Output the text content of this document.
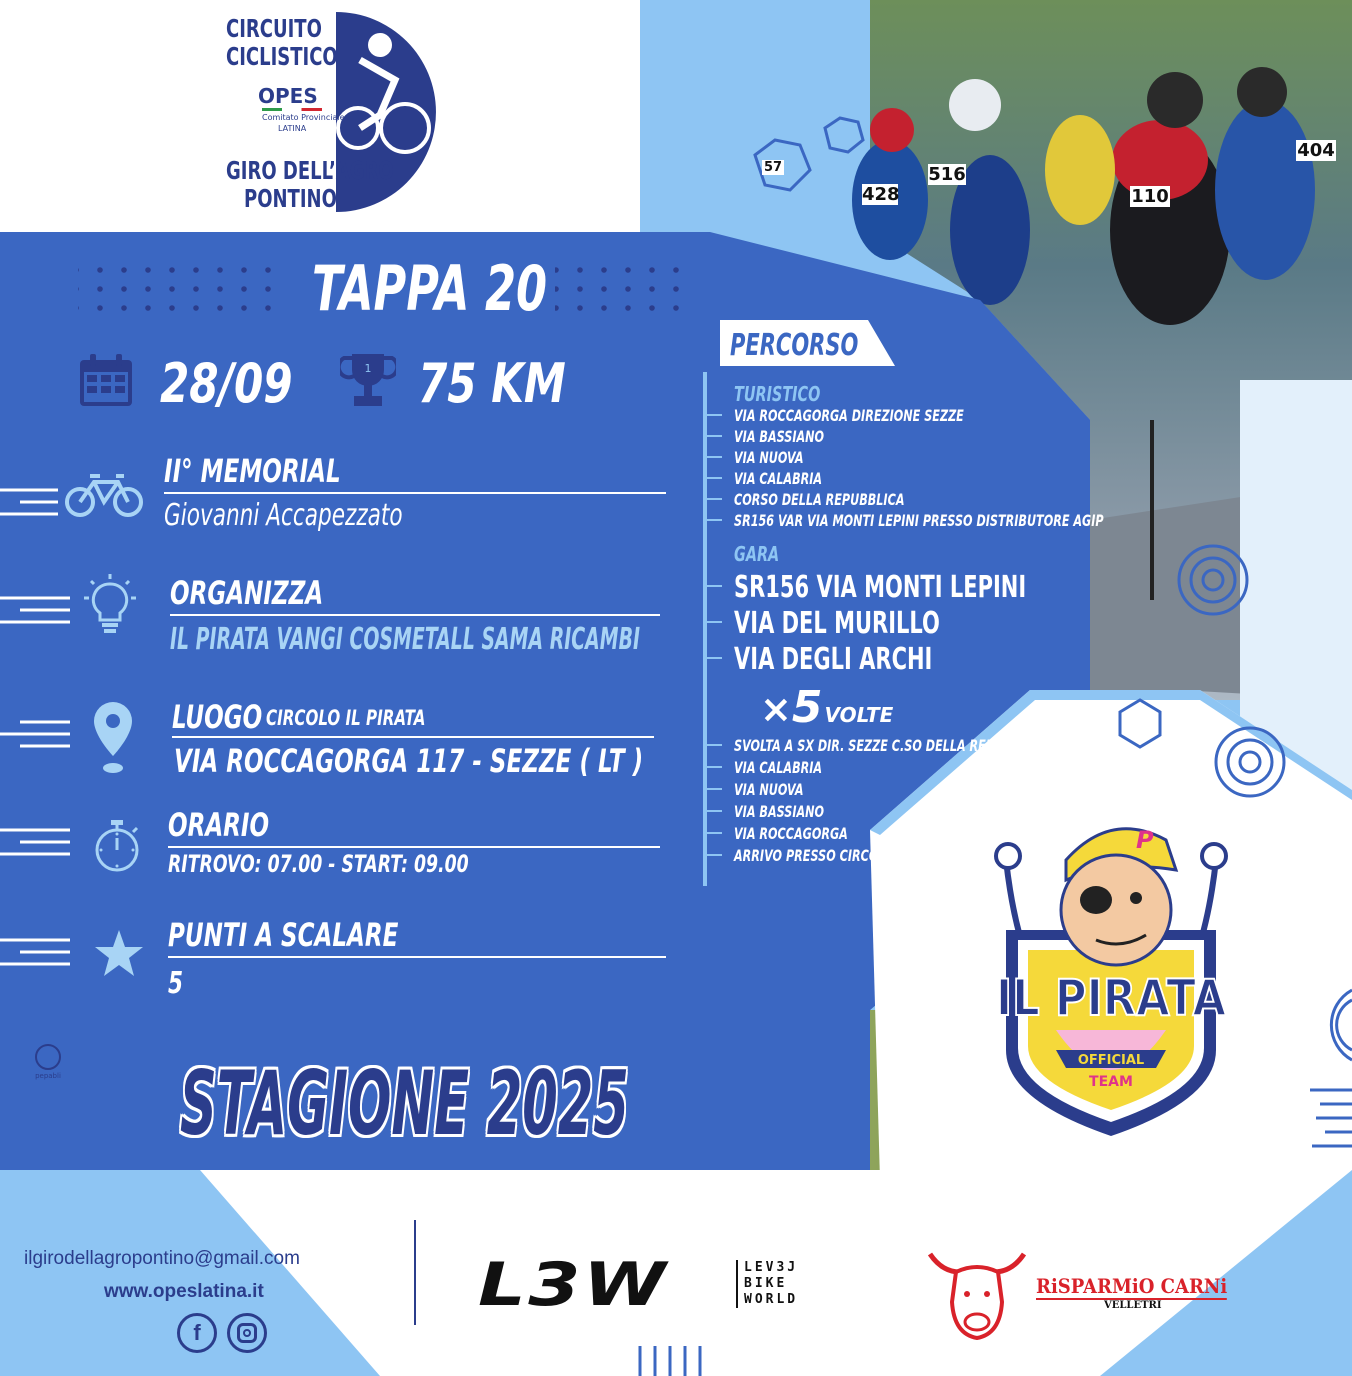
CIRCUITO
CICLISTICO
OPES
Comitato Provinciale
LATINA
GIRO DELL’AGRO
PONTINO
TAPPA 20
28/09	1 75 KM
II° MEMORIAL
Giovanni Accapezzato
ORGANIZZA
IL PIRATA VANGI COSMETALL SAMA RICAMBI
LUOGO CIRCOLO IL PIRATA
VIA ROCCAGORGA 117 - SEZZE ( LT )
ORARIO
RITROVO: 07.00 - START: 09.00
PUNTI A SCALARE
5
STAGIONE 2025
pepabli
PERCORSO
TURISTICO
VIA ROCCAGORGA DIREZIONE SEZZE
VIA BASSIANO
VIA NUOVA
VIA CALABRIA
CORSO DELLA REPUBBLICA
SR156 VAR VIA MONTI LEPINI PRESSO DISTRIBUTORE AGIP
GARA
SR156 VIA MONTI LEPINI
VIA DEL MURILLO
VIA DEGLI ARCHI
×5 VOLTE
SVOLTA A SX DIR. SEZZE C.SO DELLA REPUBBLICA
VIA CALABRIA
VIA NUOVA
VIA BASSIANO
VIA ROCCAGORGA
ARRIVO PRESSO CIRCOLO IL PIRATA
428
516
110
404
57
P
IL PIRATA
OFFICIAL
TEAM
ilgirodellagropontino@gmail.com
www.opeslatina.it
f
L3W	LEV3J
BIKE
WORLD
RiSPARMiO CARNi
VELLETRI
